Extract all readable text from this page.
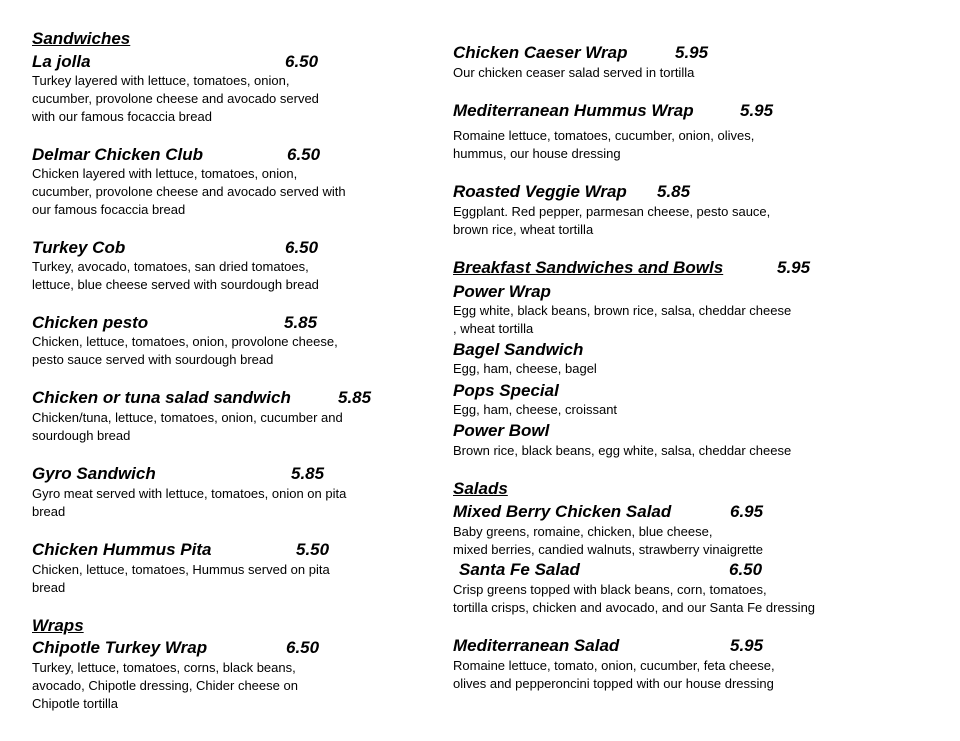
Sandwiches
La jolla	6.50
Turkey layered with lettuce, tomatoes, onion,
cucumber, provolone cheese and avocado served
with our famous focaccia bread
Delmar Chicken Club	6.50
Chicken layered with lettuce, tomatoes, onion,
cucumber, provolone cheese and avocado served with
our famous focaccia bread
Turkey Cob	6.50
Turkey, avocado, tomatoes, san dried tomatoes,
lettuce, blue cheese served with sourdough bread
Chicken pesto	5.85
Chicken, lettuce, tomatoes, onion, provolone cheese,
pesto sauce served with sourdough bread
Chicken or tuna salad sandwich	5.85
Chicken/tuna, lettuce, tomatoes, onion, cucumber and
sourdough bread
Gyro Sandwich	5.85
Gyro meat served with lettuce, tomatoes, onion on pita
bread
Chicken Hummus Pita	5.50
Chicken, lettuce, tomatoes, Hummus served on pita
bread
Wraps
Chipotle Turkey Wrap	6.50
Turkey, lettuce, tomatoes, corns, black beans,
avocado, Chipotle dressing, Chider cheese on
Chipotle tortilla
Chicken Caeser Wrap	5.95
Our chicken ceaser salad served in tortilla
Mediterranean Hummus Wrap	5.95
Romaine lettuce, tomatoes, cucumber, onion, olives,
hummus, our house dressing
Roasted Veggie Wrap 5.85
Eggplant. Red pepper, parmesan cheese, pesto sauce,
brown rice, wheat tortilla
Breakfast Sandwiches and Bowls	5.95
Power Wrap
Egg white, black beans, brown rice, salsa, cheddar cheese
, wheat tortilla
Bagel Sandwich
Egg, ham, cheese, bagel
Pops Special
Egg, ham, cheese, croissant
Power Bowl
Brown rice, black beans, egg white, salsa, cheddar cheese
Salads
Mixed Berry Chicken Salad	6.95
Baby greens, romaine, chicken, blue cheese,
mixed berries, candied walnuts, strawberry vinaigrette
Santa Fe Salad	6.50
Crisp greens topped with black beans, corn, tomatoes,
tortilla crisps, chicken and avocado, and our Santa Fe dressing
Mediterranean Salad	5.95
Romaine lettuce, tomato, onion, cucumber, feta cheese,
olives and pepperoncini topped with our house dressing
